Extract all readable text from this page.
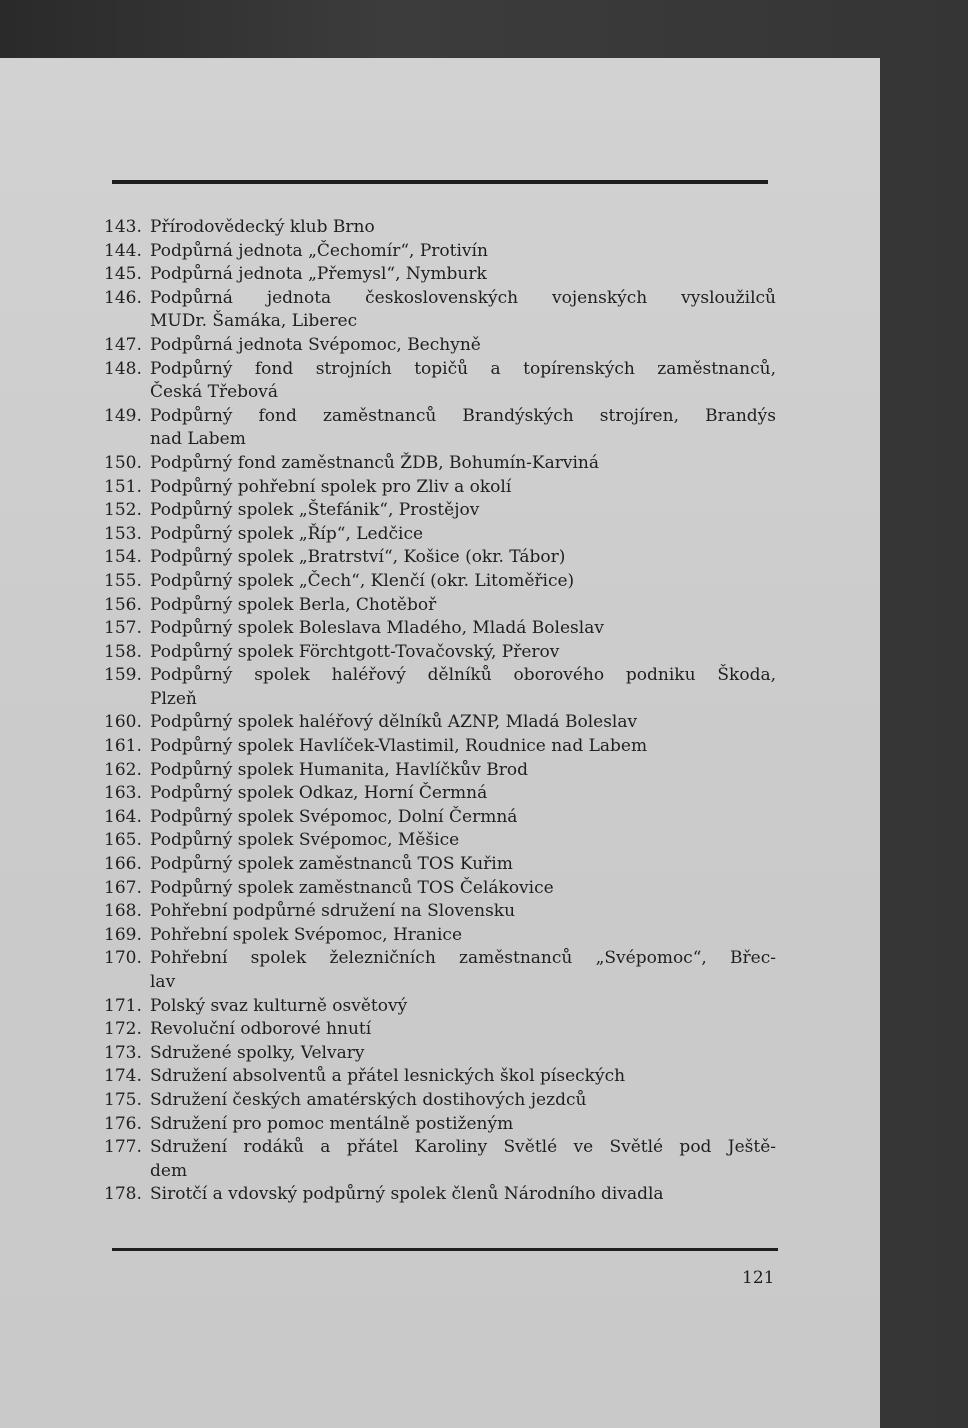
143. Přírodovědecký klub Brno
144. Podpůrná jednota „Čechomír“, Protivín
145. Podpůrná jednota „Přemysl“, Nymburk
146. Podpůrná jednota československých vojenských vysloužilců
MUDr. Šamáka, Liberec
147. Podpůrná jednota Svépomoc, Bechyně
148. Podpůrný fond strojních topičů a topírenských zaměstnanců,
Česká Třebová
149. Podpůrný fond zaměstnanců Brandýských strojíren, Brandýs
nad Labem
150. Podpůrný fond zaměstnanců ŽDB, Bohumín-Karviná
151. Podpůrný pohřební spolek pro Zliv a okolí
152. Podpůrný spolek „Štefánik“, Prostějov
153. Podpůrný spolek „Říp“, Ledčice
154. Podpůrný spolek „Bratrství“, Košice (okr. Tábor)
155. Podpůrný spolek „Čech“, Klenčí (okr. Litoměřice)
156. Podpůrný spolek Berla, Chotěboř
157. Podpůrný spolek Boleslava Mladého, Mladá Boleslav
158. Podpůrný spolek Förchtgott-Tovačovský, Přerov
159. Podpůrný spolek haléřový dělníků oborového podniku Škoda,
Plzeň
160. Podpůrný spolek haléřový dělníků AZNP, Mladá Boleslav
161. Podpůrný spolek Havlíček-Vlastimil, Roudnice nad Labem
162. Podpůrný spolek Humanita, Havlíčkův Brod
163. Podpůrný spolek Odkaz, Horní Čermná
164. Podpůrný spolek Svépomoc, Dolní Čermná
165. Podpůrný spolek Svépomoc, Měšice
166. Podpůrný spolek zaměstnanců TOS Kuřim
167. Podpůrný spolek zaměstnanců TOS Čelákovice
168. Pohřební podpůrné sdružení na Slovensku
169. Pohřební spolek Svépomoc, Hranice
170. Pohřební spolek železničních zaměstnanců „Svépomoc“, Břec-
lav
171. Polský svaz kulturně osvětový
172. Revoluční odborové hnutí
173. Sdružené spolky, Velvary
174. Sdružení absolventů a přátel lesnických škol píseckých
175. Sdružení českých amatérských dostihových jezdců
176. Sdružení pro pomoc mentálně postiženým
177. Sdružení rodáků a přátel Karoliny Světlé ve Světlé pod Ještě-
dem
178. Sirotčí a vdovský podpůrný spolek členů Národního divadla
121
